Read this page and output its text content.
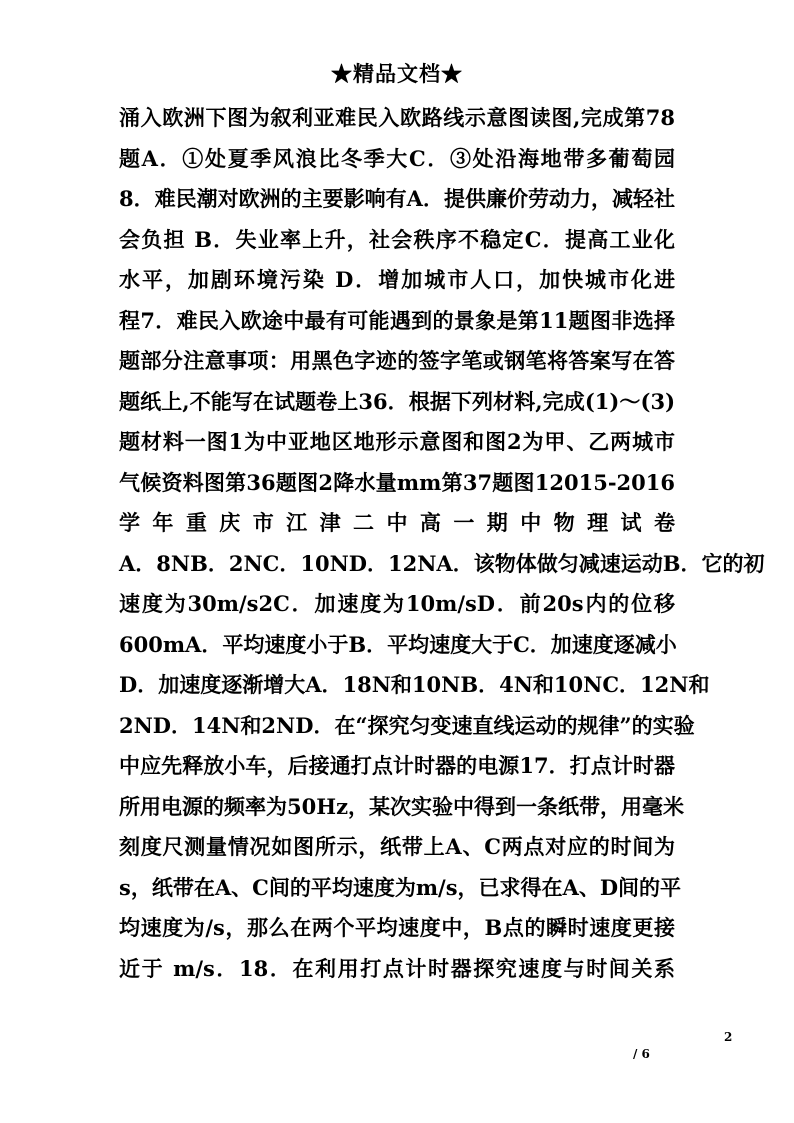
★精品文档★
涌入欧洲下图为叙利亚难民入欧路线示意图读图,完成第78
题A．①处夏季风浪比冬季大C．③处沿海地带多葡萄园
8．难民潮对欧洲的主要影响有A．提供廉价劳动力，减轻社
会负担 B．失业率上升，社会秩序不稳定C．提高工业化
水平，加剧环境污染 D．增加城市人口，加快城市化进
程7．难民入欧途中最有可能遇到的景象是第11题图非选择
题部分注意事项：用黑色字迹的签字笔或钢笔将答案写在答
题纸上,不能写在试题卷上36．根据下列材料,完成(1)～(3)
题材料一图1为中亚地区地形示意图和图2为甲、乙两城市
气候资料图第36题图2降水量mm第37题图12015-2016
学 年 重 庆 市 江 津 二 中 高 一 期 中 物 理 试 卷
A．8NB．2NC．10ND．12NA．该物体做匀减速运动B．它的初
速度为30m/s2C．加速度为10m/sD．前20s内的位移
600mA．平均速度小于B．平均速度大于C．加速度逐减小
D．加速度逐渐增大A．18N和10NB．4N和10NC．12N和
2ND．14N和2ND．在“探究匀变速直线运动的规律”的实验
中应先释放小车，后接通打点计时器的电源17．打点计时器
所用电源的频率为50Hz，某次实验中得到一条纸带，用毫米
刻度尺测量情况如图所示，纸带上A、C两点对应的时间为
s，纸带在A、C间的平均速度为m/s，已求得在A、D间的平
均速度为/s，那么在两个平均速度中，B点的瞬时速度更接
近于 m/s．18．在利用打点计时器探究速度与时间关系
2
/ 6
